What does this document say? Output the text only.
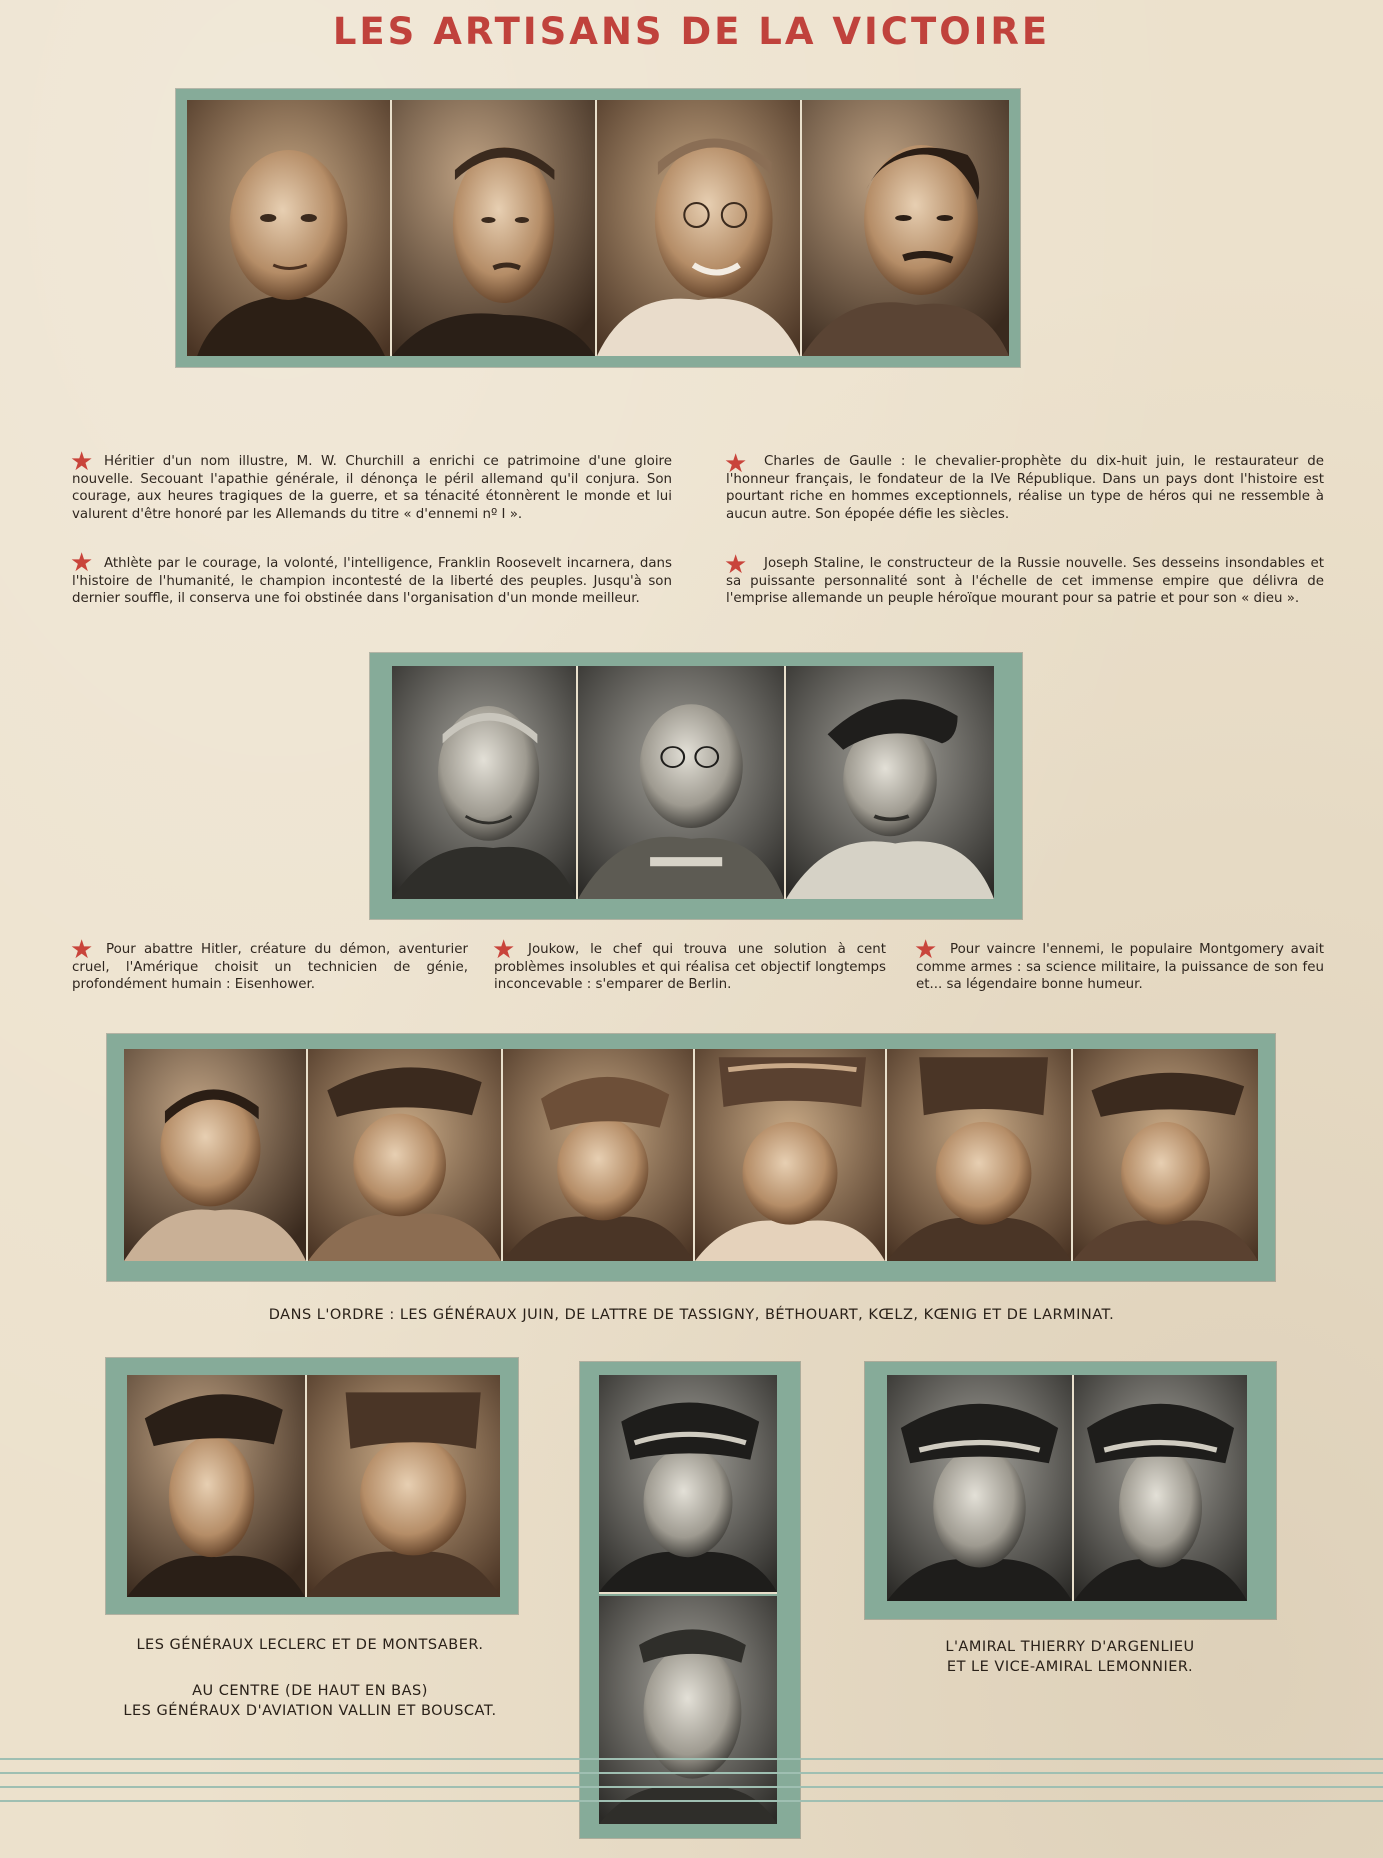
LES ARTISANS DE LA VICTOIRE
★ Héritier d'un nom illustre, M. W. Churchill a enrichi ce patrimoine d'une gloire nouvelle. Secouant l'apathie générale, il dénonça le péril allemand qu'il conjura. Son courage, aux heures tragiques de la guerre, et sa ténacité étonnèrent le monde et lui valurent d'être honoré par les Allemands du titre « d'ennemi nº I ».

★	Charles de Gaulle : le chevalier-prophète du dix-huit juin, le restaurateur de l'honneur français, le fondateur de la IVe République. Dans un pays dont l'histoire est pourtant riche en hommes exceptionnels, réalise un type de héros qui ne ressemble à aucun autre. Son épopée défie les siècles.

★ Athlète par le courage, la volonté, l'intelligence, Franklin Roosevelt incarnera, dans l'histoire de l'humanité, le champion incontesté de la liberté des peuples. Jusqu'à son dernier souffle, il conserva une foi obstinée dans l'organisation d'un monde meilleur.

★	Joseph Staline, le constructeur de la Russie nouvelle. Ses desseins insondables et sa puissante personnalité sont à l'échelle de cet immense empire que délivra de l'emprise allemande un peuple héroïque mourant pour sa patrie et pour son « dieu ».

★ Pour abattre Hitler, créature du démon, aventurier cruel, l'Amérique choisit un technicien de génie, profondément humain : Eisenhower.

★ Joukow, le chef qui trouva une solution à cent problèmes insolubles et qui réalisa cet objectif longtemps inconcevable : s'emparer de Berlin.

★ Pour vaincre l'ennemi, le populaire Montgomery avait comme armes : sa science militaire, la puissance de son feu et... sa légendaire bonne humeur.

DANS L'ORDRE : LES GÉNÉRAUX JUIN, DE LATTRE DE TASSIGNY, BÉTHOUART, KŒLZ, KŒNIG ET DE LARMINAT.

LES GÉNÉRAUX LECLERC ET DE MONTSABER.

AU CENTRE (DE HAUT EN BAS)

LES GÉNÉRAUX D'AVIATION VALLIN ET BOUSCAT.

L'AMIRAL THIERRY D'ARGENLIEU

ET LE VICE-AMIRAL LEMONNIER.
